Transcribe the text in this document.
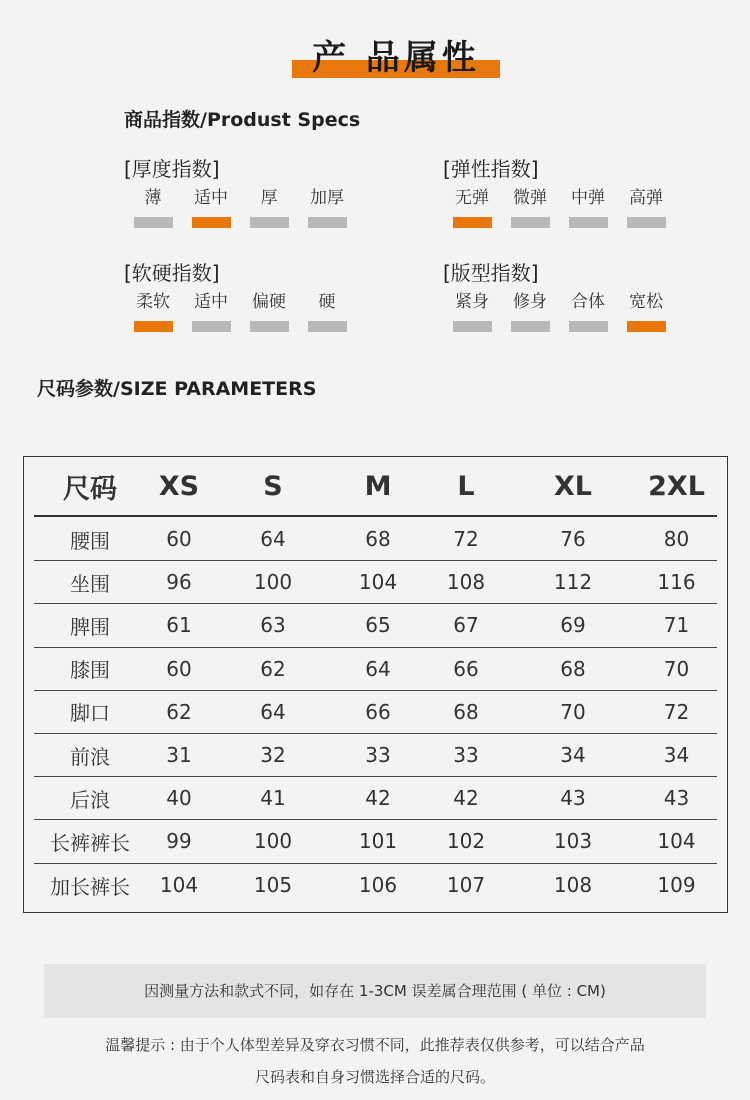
产 品属性
商品指数/Produst Specs
[厚度指数]
薄	适中	厚	加厚
[弹性指数]
无弹	微弹	中弹	高弹
[软硬指数]
柔软	适中	偏硬	硬
[版型指数]
紧身	修身	合体	宽松
尺码参数/SIZE PARAMETERS
尺码	XS	S	M	L	XL	2XL
腰围	60	64	68	72	76	80
坐围	96	100	104	108	112	116
脾围	61	63	65	67	69	71
膝围	60	62	64	66	68	70
脚口	62	64	66	68	70	72
前浪	31	32	33	33	34	34
后浪	40	41	42	42	43	43
长裤裤长	99	100	101	102	103	104
加长裤长	104	105	106	107	108	109
因测量方法和款式不同，如存在 1-3CM 误差属合理范围 ( 单位 : CM)
温馨提示 : 由于个人体型差异及穿衣习惯不同，此推荐表仅供参考，可以结合产品
尺码表和自身习惯选择合适的尺码。
